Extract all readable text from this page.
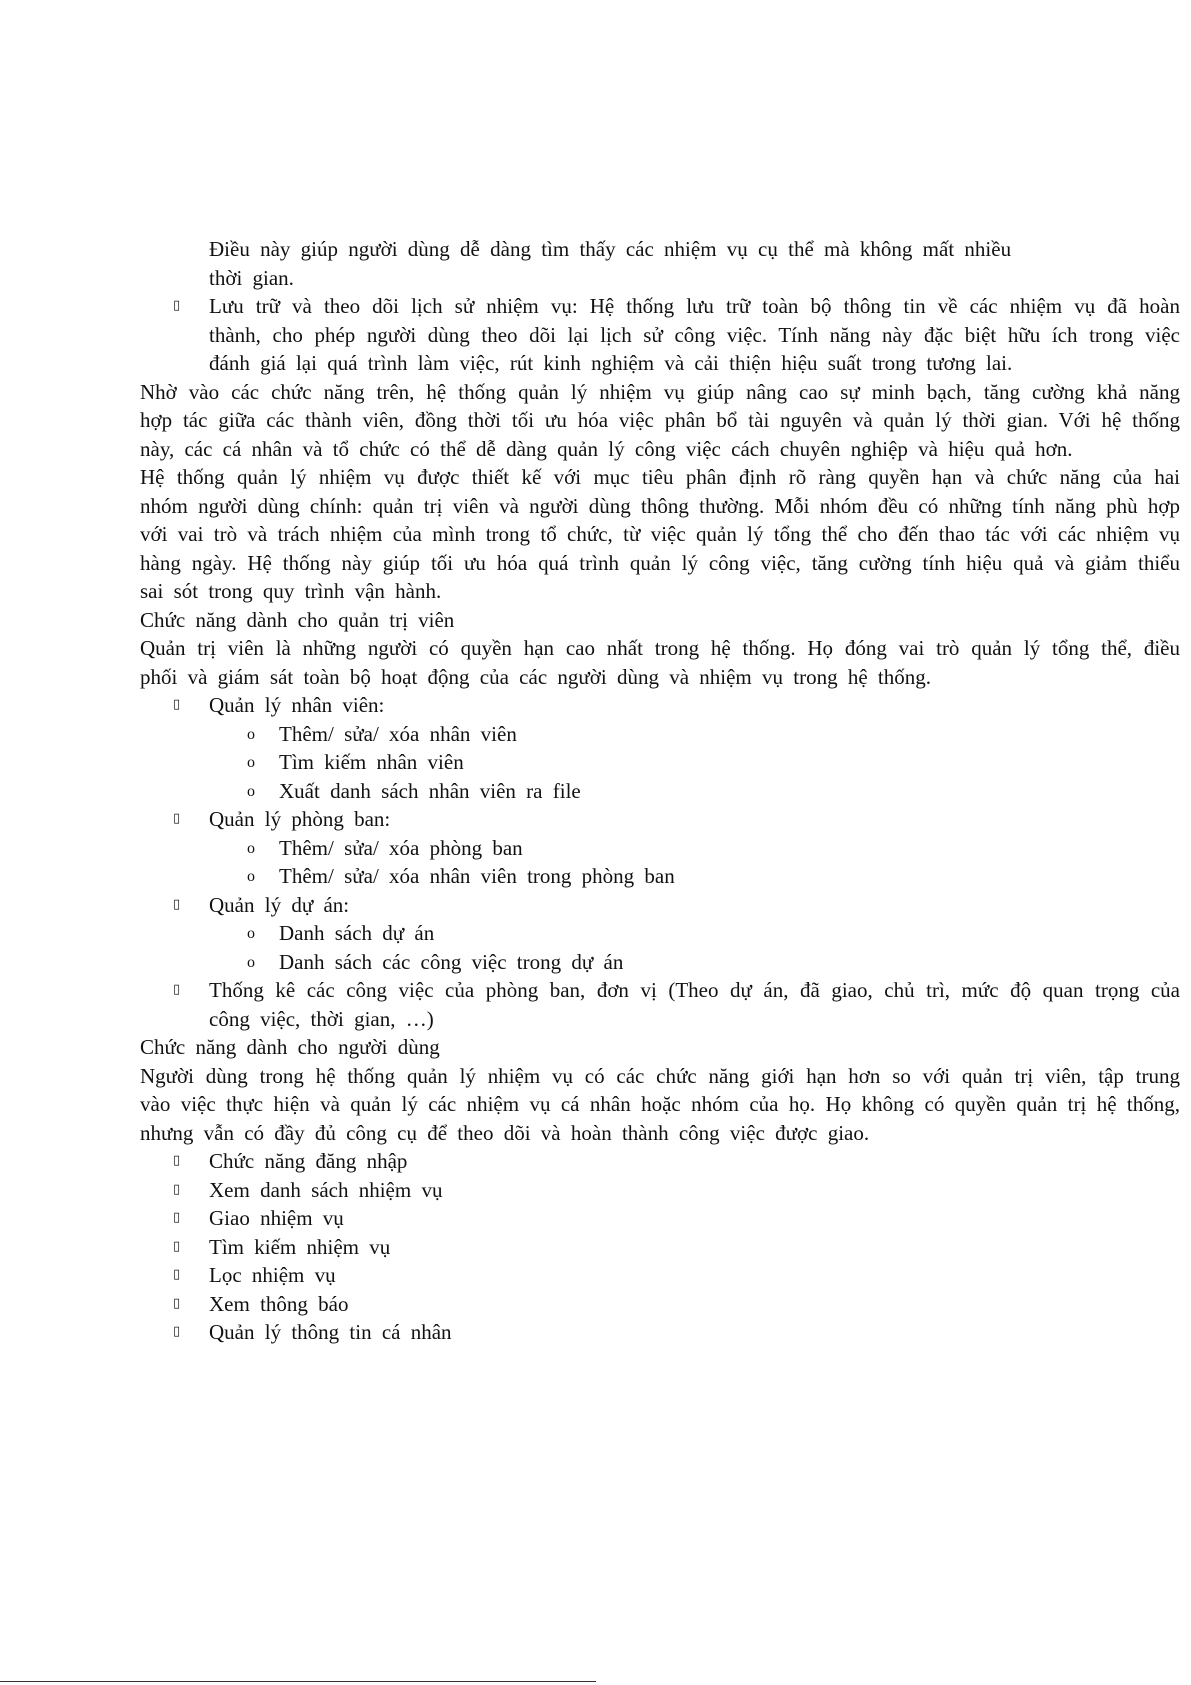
Điều này giúp người dùng dễ dàng tìm thấy các nhiệm vụ cụ thể mà không mất nhiều

thời gian.

▯	Lưu trữ và theo dõi lịch sử nhiệm vụ: Hệ thống lưu trữ toàn bộ thông tin về các nhiệm vụ đã hoàn thành, cho phép người dùng theo dõi lại lịch sử công việc. Tính năng này đặc biệt hữu ích trong việc đánh giá lại quá trình làm việc, rút kinh nghiệm và cải thiện hiệu suất trong tương lai.

Nhờ vào các chức năng trên, hệ thống quản lý nhiệm vụ giúp nâng cao sự minh bạch, tăng cường khả năng hợp tác giữa các thành viên, đồng thời tối ưu hóa việc phân bổ tài nguyên và quản lý thời gian. Với hệ thống này, các cá nhân và tổ chức có thể dễ dàng quản lý công việc cách chuyên nghiệp và hiệu quả hơn.

Hệ thống quản lý nhiệm vụ được thiết kế với mục tiêu phân định rõ ràng quyền hạn và chức năng của hai nhóm người dùng chính: quản trị viên và người dùng thông thường. Mỗi nhóm đều có những tính năng phù hợp với vai trò và trách nhiệm của mình trong tổ chức, từ việc quản lý tổng thể cho đến thao tác với các nhiệm vụ hàng ngày. Hệ thống này giúp tối ưu hóa quá trình quản lý công việc, tăng cường tính hiệu quả và giảm thiểu sai sót trong quy trình vận hành.

Chức năng dành cho quản trị viên

Quản trị viên là những người có quyền hạn cao nhất trong hệ thống. Họ đóng vai trò quản lý tổng thể, điều phối và giám sát toàn bộ hoạt động của các người dùng và nhiệm vụ trong hệ thống.

▯	Quản lý nhân viên:
o Thêm/ sửa/ xóa nhân viên
o Tìm kiếm nhân viên
o Xuất danh sách nhân viên ra file
▯	Quản lý phòng ban:
o Thêm/ sửa/ xóa phòng ban
o Thêm/ sửa/ xóa nhân viên trong phòng ban
▯	Quản lý dự án:
o Danh sách dự án
o Danh sách các công việc trong dự án
▯	Thống kê các công việc của phòng ban, đơn vị (Theo dự án, đã giao, chủ trì, mức độ quan trọng của công việc, thời gian, …)

Chức năng dành cho người dùng

Người dùng trong hệ thống quản lý nhiệm vụ có các chức năng giới hạn hơn so với quản trị viên, tập trung vào việc thực hiện và quản lý các nhiệm vụ cá nhân hoặc nhóm của họ. Họ không có quyền quản trị hệ thống, nhưng vẫn có đầy đủ công cụ để theo dõi và hoàn thành công việc được giao.

▯	Chức năng đăng nhập
▯	Xem danh sách nhiệm vụ
▯	Giao nhiệm vụ
▯	Tìm kiếm nhiệm vụ
▯	Lọc nhiệm vụ
▯	Xem thông báo
▯	Quản lý thông tin cá nhân
